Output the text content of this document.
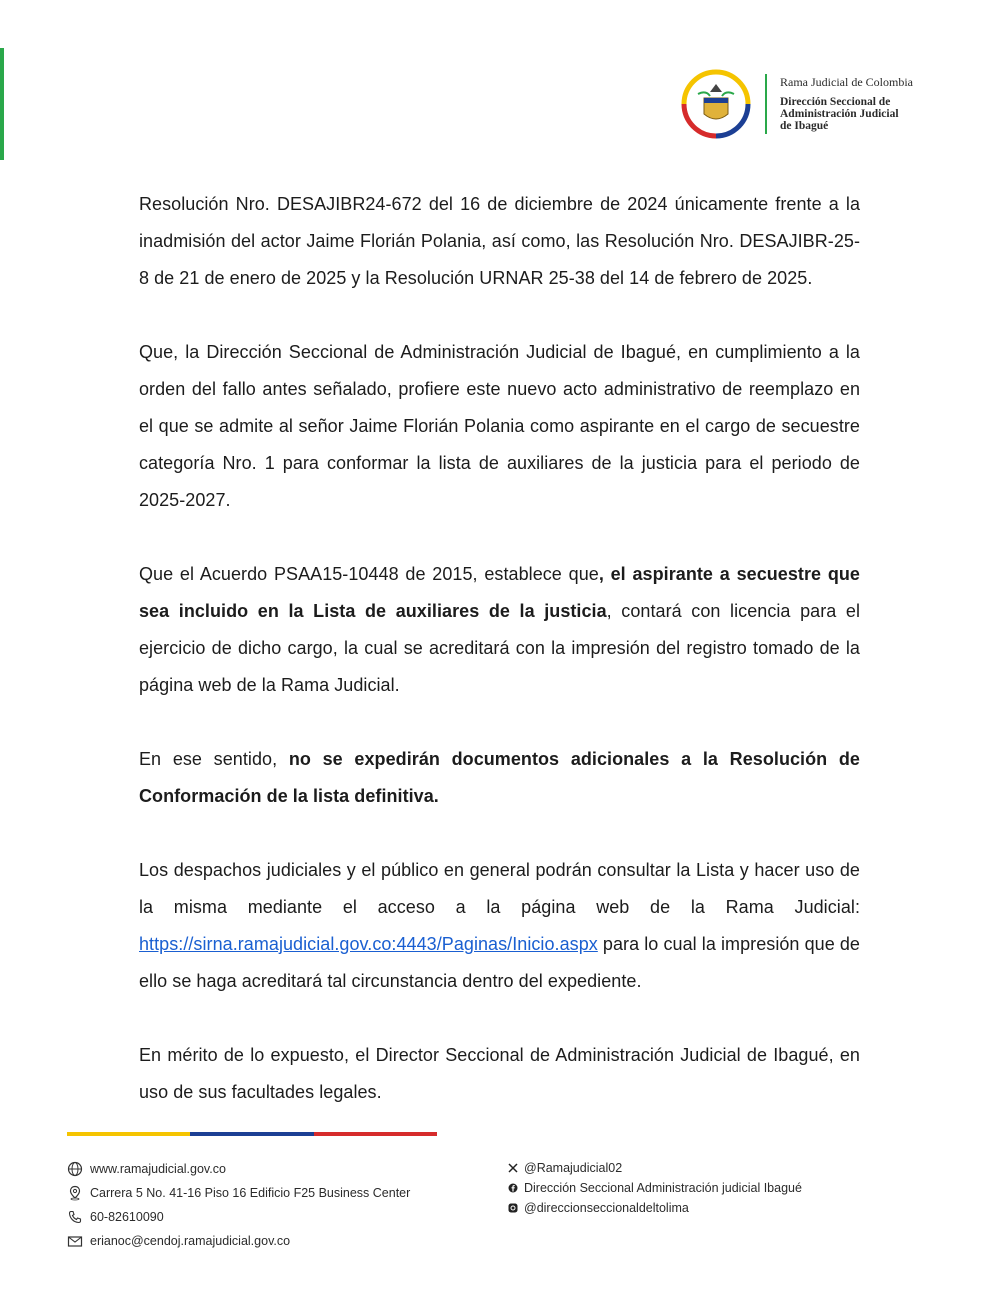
Rama Judicial de Colombia
Dirección Seccional de
Administración Judicial
de Ibagué

Resolución Nro. DESAJIBR24-672 del 16 de diciembre de 2024 únicamente frente a la inadmisión del actor Jaime Florián Polania, así como, las Resolución Nro. DESAJIBR-25-8 de 21 de enero de 2025 y la Resolución URNAR 25-38 del 14 de febrero de 2025.

Que, la Dirección Seccional de Administración Judicial de Ibagué, en cumplimiento a la orden del fallo antes señalado, profiere este nuevo acto administrativo de reemplazo en el que se admite al señor Jaime Florián Polania como aspirante en el cargo de secuestre categoría Nro. 1 para conformar la lista de auxiliares de la justicia para el periodo de 2025-2027.

Que el Acuerdo PSAA15-10448 de 2015, establece que, el aspirante a secuestre que sea incluido en la Lista de auxiliares de la justicia, contará con licencia para el ejercicio de dicho cargo, la cual se acreditará con la impresión del registro tomado de la página web de la Rama Judicial.

En ese sentido, no se expedirán documentos adicionales a la Resolución de Conformación de la lista definitiva.

Los despachos judiciales y el público en general podrán consultar la Lista y hacer uso de la misma mediante el acceso a la página web de la Rama Judicial: https://sirna.ramajudicial.gov.co:4443/Paginas/Inicio.aspx para lo cual la impresión que de ello se haga acreditará tal circunstancia dentro del expediente.

En mérito de lo expuesto, el Director Seccional de Administración Judicial de Ibagué, en uso de sus facultades legales.

www.ramajudicial.gov.co
Carrera 5 No. 41-16 Piso 16 Edificio F25 Business Center
60-82610090
erianoc@cendoj.ramajudicial.gov.co
@Ramajudicial02
Dirección Seccional Administración judicial Ibagué
@direccionseccionaldeltolima
